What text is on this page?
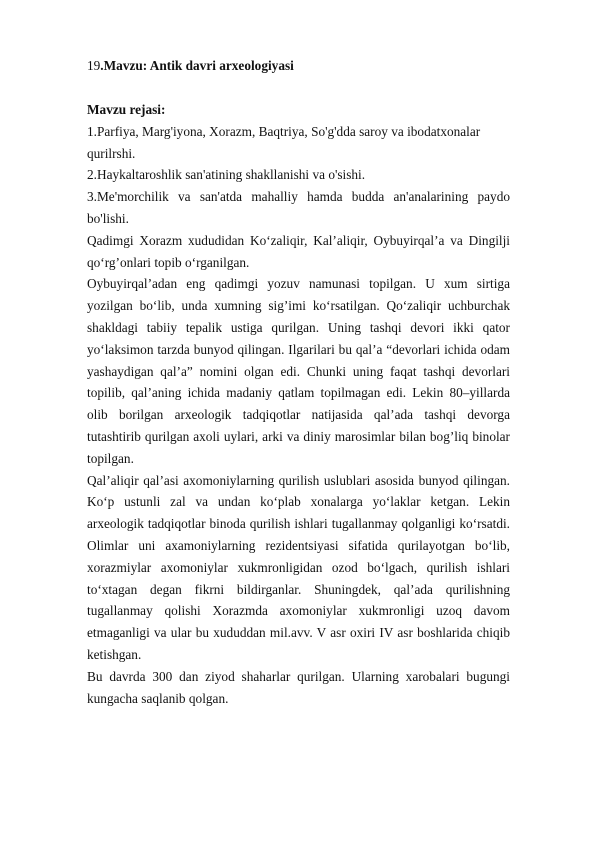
19.Mavzu: Antik davri arxeologiyasi

Mavzu rejasi:

1.Parfiya, Marg'iyona, Xorazm, Baqtriya, So'g'dda saroy va ibodatxonalar qurilrshi.

2.Haykaltaroshlik san'atining shakllanishi va o'sishi.

3.Me'morchilik va san'atda mahalliy hamda budda an'analarining paydo bo'lishi.

Qadimgi Xorazm xududidan Ko‘zaliqir, Kal’aliqir, Oybuyirqal’a va Dingilji qo‘rg’onlari topib o‘rganilgan.

Oybuyirqal’adan eng qadimgi yozuv namunasi topilgan. U xum sirtiga yozilgan bo‘lib, unda xumning sig’imi ko‘rsatilgan. Qo‘zaliqir uchburchak shakldagi tabiiy tepalik ustiga qurilgan. Uning tashqi devori ikki qator yo‘laksimon tarzda bunyod qilingan. Ilgarilari bu qal’a “devorlari ichida odam yashaydigan qal’a” nomini olgan edi. Chunki uning faqat tashqi devorlari topilib, qal’aning ichida madaniy qatlam topilmagan edi. Lekin 80–yillarda olib borilgan arxeologik tadqiqotlar natijasida qal’ada tashqi devorga tutashtirib qurilgan axoli uylari, arki va diniy marosimlar bilan bog’liq binolar topilgan.

Qal’aliqir qal’asi axomoniylarning qurilish uslublari asosida bunyod qilingan. Ko‘p ustunli zal va undan ko‘plab xonalarga yo‘laklar ketgan. Lekin arxeologik tadqiqotlar binoda qurilish ishlari tugallanmay qolganligi ko‘rsatdi. Olimlar uni axamoniylarning rezidentsiyasi sifatida qurilayotgan bo‘lib, xorazmiylar axomoniylar xukmronligidan ozod bo‘lgach, qurilish ishlari to‘xtagan degan fikrni bildirganlar. Shuningdek, qal’ada qurilishning tugallanmay qolishi Xorazmda axomoniylar xukmronligi uzoq davom etmaganligi va ular bu xududdan mil.avv. V asr oxiri IV asr boshlarida chiqib ketishgan.

Bu davrda 300 dan ziyod shaharlar qurilgan. Ularning xarobalari bugungi kungacha saqlanib qolgan.
